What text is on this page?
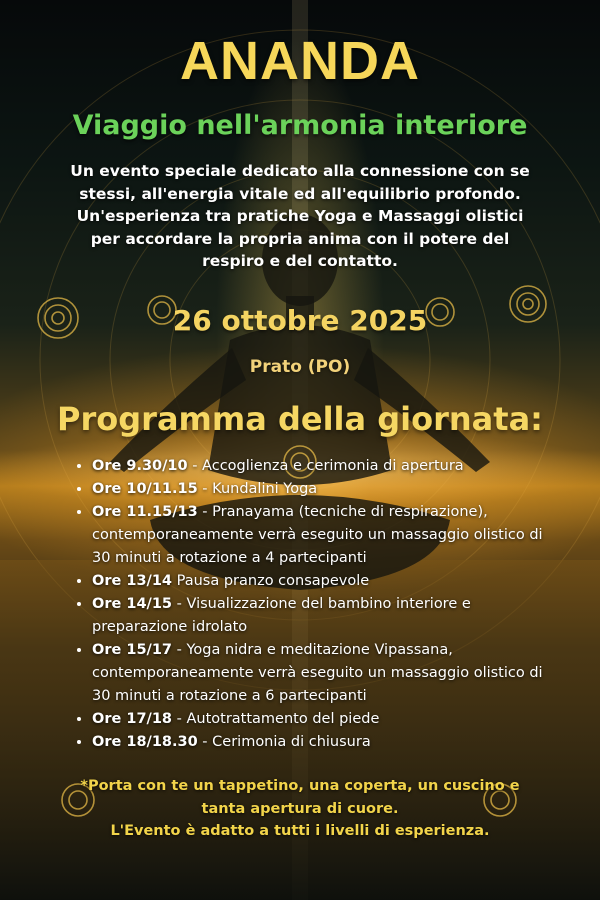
ANANDA
Viaggio nell'armonia interiore
Un evento speciale dedicato alla connessione con se stessi, all'energia vitale ed all'equilibrio profondo. Un'esperienza tra pratiche Yoga e Massaggi olistici per accordare la propria anima con il potere del respiro e del contatto.
26 ottobre 2025
Prato (PO)
Programma della giornata:
• Ore 9.30/10 - Accoglienza e cerimonia di apertura
• Ore 10/11.15 - Kundalini Yoga
• Ore 11.15/13 - Pranayama (tecniche di respirazione), contemporaneamente verrà eseguito un massaggio olistico di 30 minuti a rotazione a 4 partecipanti
• Ore 13/14 Pausa pranzo consapevole
• Ore 14/15 - Visualizzazione del bambino interiore e preparazione idrolato
• Ore 15/17 - Yoga nidra e meditazione Vipassana, contemporaneamente verrà eseguito un massaggio olistico di 30 minuti a rotazione a 6 partecipanti
• Ore 17/18 - Autotrattamento del piede
• Ore 18/18.30 - Cerimonia di chiusura
*Porta con te un tappetino, una coperta, un cuscino e tanta apertura di cuore.
L'Evento è adatto a tutti i livelli di esperienza.
